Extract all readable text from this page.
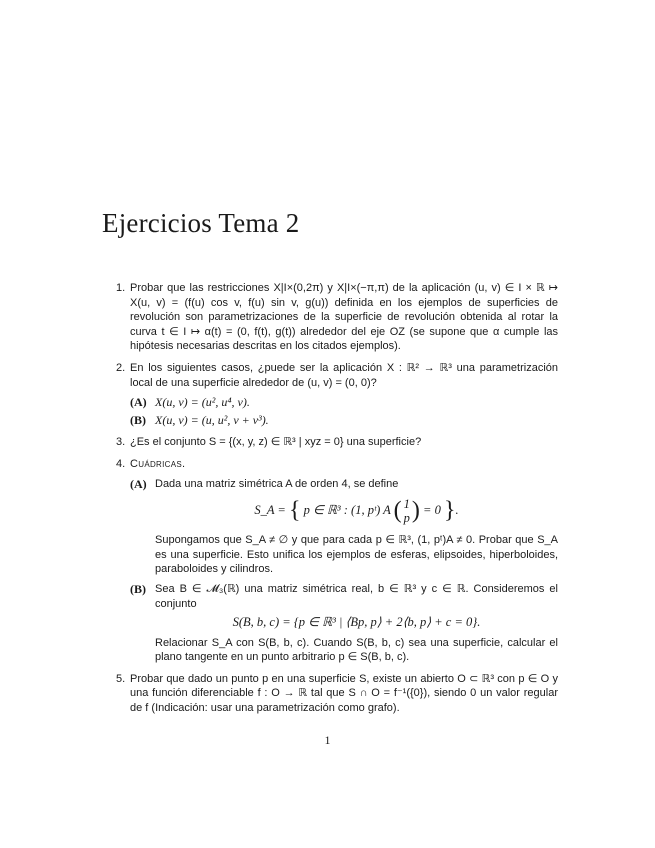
Ejercicios Tema 2
1. Probar que las restricciones X|I×(0,2π) y X|I×(−π,π) de la aplicación (u, v) ∈ I × ℝ ↦ X(u, v) = (f(u) cos v, f(u) sin v, g(u)) definida en los ejemplos de superficies de revolución son parametrizaciones de la superficie de revolución obtenida al rotar la curva t ∈ I ↦ α(t) = (0, f(t), g(t)) alrededor del eje OZ (se supone que α cumple las hipótesis necesarias descritas en los citados ejemplos).
2. En los siguientes casos, ¿puede ser la aplicación X : ℝ² → ℝ³ una parametrización local de una superficie alrededor de (u, v) = (0, 0)?
(A) X(u, v) = (u², u⁴, v).
(B) X(u, v) = (u, u², v + v³).
3. ¿Es el conjunto S = {(x, y, z) ∈ ℝ³ | xyz = 0} una superficie?
4. Cuádricas.
(A) Dada una matriz simétrica A de orden 4, se define
S_A = { p ∈ ℝ³ : (1, pᵗ) A ( 1
p) = 0 }.
Supongamos que S_A ≠ ∅ y que para cada p ∈ ℝ³, (1, pᵗ)A ≠ 0. Probar que S_A es una superficie. Esto unifica los ejemplos de esferas, elipsoides, hiperboloides, paraboloides y cilindros.
(B) Sea B ∈ 𝓜₃(ℝ) una matriz simétrica real, b ∈ ℝ³ y c ∈ ℝ. Consideremos el conjunto
S(B, b, c) = {p ∈ ℝ³ | ⟨Bp, p⟩ + 2⟨b, p⟩ + c = 0}.
Relacionar S_A con S(B, b, c). Cuando S(B, b, c) sea una superficie, calcular el plano tangente en un punto arbitrario p ∈ S(B, b, c).
5. Probar que dado un punto p en una superficie S, existe un abierto O ⊂ ℝ³ con p ∈ O y una función diferenciable f : O → ℝ tal que S ∩ O = f⁻¹({0}), siendo 0 un valor regular de f (Indicación: usar una parametrización como grafo).
1
